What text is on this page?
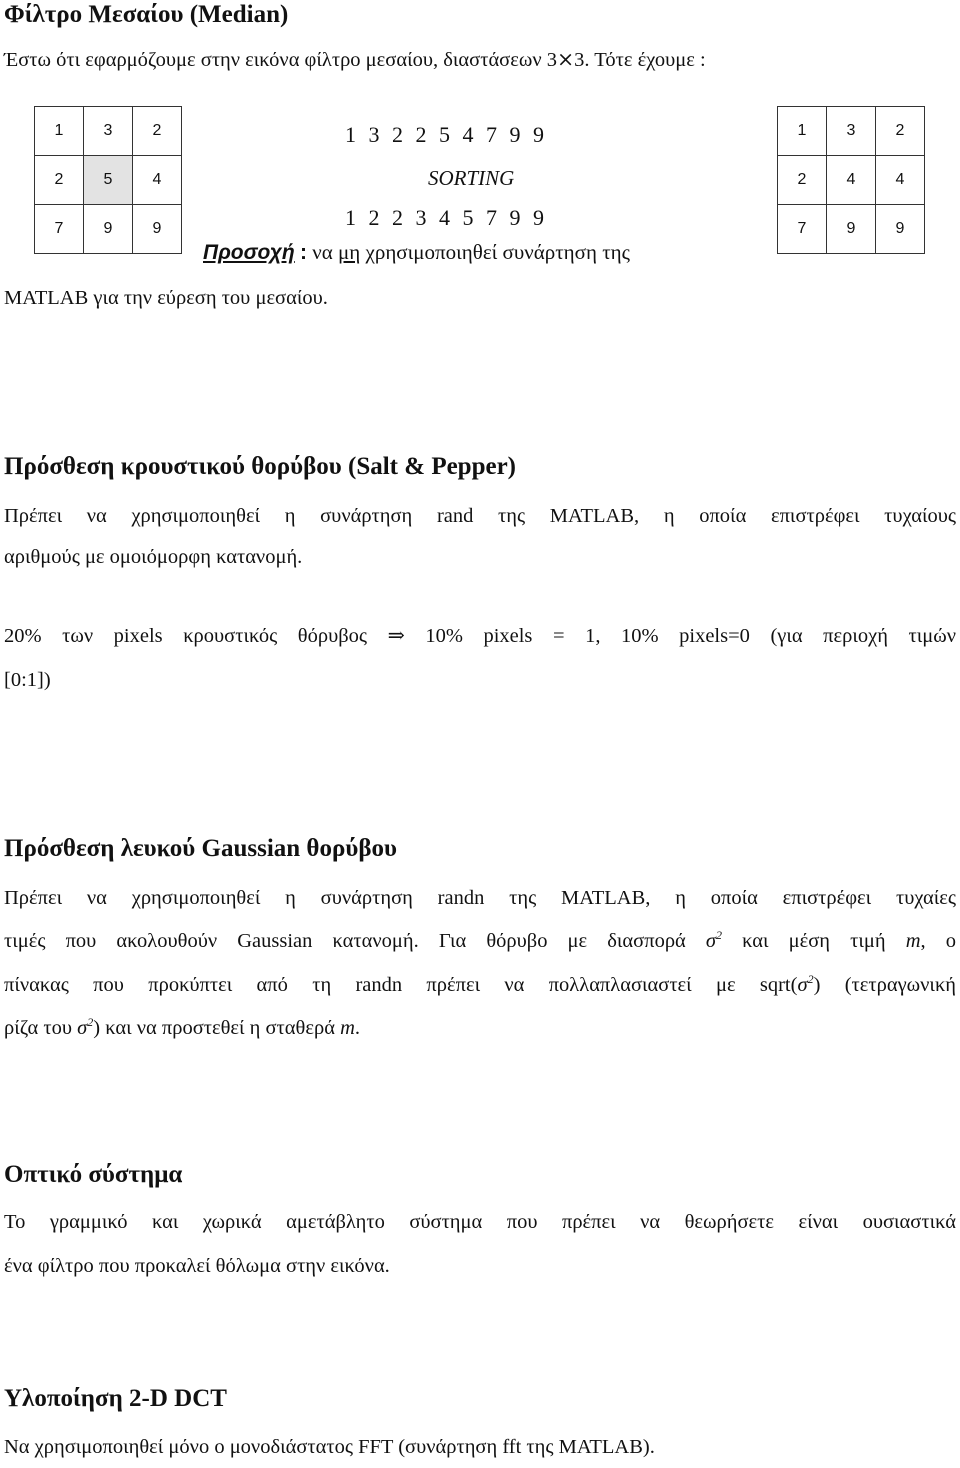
Φίλτρο Μεσαίου (Median)
Έστω ότι εφαρμόζουμε στην εικόνα φίλτρο μεσαίου, διαστάσεων 3⨯3. Τότε έχουμε :
1	3	2
2	5	4
7	9	9
1 3 2 2 5 4 7 9 9
SORTING
1 2 2 3 4 5 7 9 9
1	3	2
2	4	4
7	9	9
Προσοχή : να μη χρησιμοποιηθεί συνάρτηση της
MATLAB για την εύρεση του μεσαίου.
Πρόσθεση κρουστικού θορύβου (Salt & Pepper)
Πρέπει να χρησιμοποιηθεί η συνάρτηση rand της MATLAB, η οποία επιστρέφει τυχαίους
αριθμούς με ομοιόμορφη κατανομή.
20% των pixels κρουστικός θόρυβος ⇒ 10% pixels = 1, 10% pixels=0 (για περιοχή τιμών
[0:1])
Πρόσθεση λευκού Gaussian θορύβου
Πρέπει να χρησιμοποιηθεί η συνάρτηση randn της MATLAB, η οποία επιστρέφει τυχαίες
τιμές που ακολουθούν Gaussian κατανομή. Για θόρυβο με διασπορά $\sigma^2$ και μέση τιμή m, ο
πίνακας που προκύπτει από τη randn πρέπει να πολλαπλασιαστεί με $sqrt(\sigma^2)$ (τετραγωνική
ρίζα του $\sigma^2$) και να προστεθεί η σταθερά m.
Οπτικό σύστημα
Το γραμμικό και χωρικά αμετάβλητο σύστημα που πρέπει να θεωρήσετε είναι ουσιαστικά
ένα φίλτρο που προκαλεί θόλωμα στην εικόνα.
Υλοποίηση 2-D DCT
Να χρησιμοποιηθεί μόνο ο μονοδιάστατος FFT (συνάρτηση fft της MATLAB).
